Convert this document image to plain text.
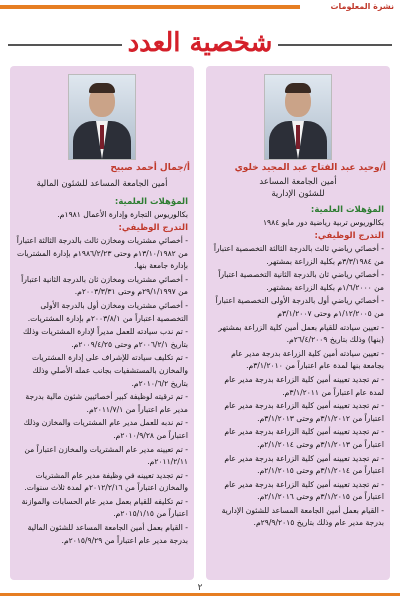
نشرة المعلومات
شخصية العدد
أ/وحيد عبد الفتاح عبد المجيد خلوي
أمين الجامعة المساعد
للشئون الإدارية
المؤهلات العلمية:
بكالوريوس تربية رياضية دور مايو ١٩٨٤
التدرج الوظيفي:

- أخصائي رياضي ثالث بالدرجة الثالثة التخصصية اعتباراً من ٣/٣/١٩٨٤م بكلية الزراعة بمشتهر.

- أخصائي رياضي ثان بالدرجة الثانية التخصصية اعتباراً من ١/٦/٢٠٠٠م بكلية الزراعة بمشتهر.

- أخصائي رياضي أول بالدرجة الأولى التخصصية اعتباراً من ١/١٢/٢٠٠٥م وحتى ٣/١/٢٠٠٧م

- تعيين سيادته للقيام بعمل أمين كلية الزراعة بمشتهر (بنها) وذلك بتاريخ ٢٦/٤/٢٠٠٩م.

- تعيين سيادته أمين كلية الزراعة بدرجة مدير عام بجامعة بنها لمدة عام اعتباراً من ٣/١/٢٠١٠م.

- تم تجديد تعيينه أمين كلية الزراعة بدرجة مدير عام لمدة عام اعتباراً من ٣/١/٢٠١١م.

- تم تجديد تعيينه أمين كلية الزراعة بدرجة مدير عام اعتباراً من ٣/١/٢٠١٢م وحتى ٣/١/٢٠١٣م.

- تم تجديد تعيينه أمين كلية الزراعة بدرجة مدير عام اعتباراً من ٣/١/٢٠١٣م وحتى ٢/١/٢٠١٤م.

- تم تجديد تعيينه أمين كلية الزراعة بدرجة مدير عام اعتباراً من ٣/١/٢٠١٤م وحتى ٢/١/٢٠١٥م.

- تم تجديد تعيينه أمين كلية الزراعة بدرجة مدير عام اعتباراً من ٣/١/٢٠١٥م وحتى ٢/١/٢٠١٦م.

- القيام بعمل أمين الجامعة المساعد للشئون الإدارية بدرجة مدير عام وذلك بتاريخ ٢٩/٩/٢٠١٥م.

أ/جمال أحمد صبيح
أمين الجامعة المساعد للشئون المالية
المؤهلات العلمية:
بكالوريوس التجارة وإدارة الأعمال ١٩٨١م.
التدرج الوظيفي:

- أخصائي مشتريات ومخازن ثالث بالدرجة الثالثة اعتباراً من ١٣/١٠/١٩٨٢م وحتى ١٩٨٦/٢/٢٣م بإدارة المشتريات بإدارة جامعة بنها.

- أخصائي مشتريات ومخازن ثان بالدرجة الثانية اعتباراً من ٢٩/١/١٩٩٧م وحتى ٢٠٠٣/٣/٣١م.

- أخصائي مشتريات ومخازن أول بالدرجة الأولى التخصصية اعتباراً من ٢٠٠٣/٨/١م بإدارة المشتريات.

- تم ندب سيادته للعمل مديراً لإدارة المشتريات وذلك بتاريخ ٢٠٠٦/٢/١م وحتى ٢٠٠٩/٤/٢٥م.

- تم تكليف سيادته للإشراف على إدارة المشتريات والمخازن بالمستشفيات بجانب عمله الأصلي وذلك بتاريخ ٢٠١٠/٦/٢م.

- تم ترقيته لوظيفة كبير أخصائيين شئون مالية بدرجة مدير عام اعتباراً من ٢٠١١/٧/١م.

- تم ندبه للعمل مدير عام المشتريات والمخازن وذلك اعتباراً من ٢٠١٠/٩/٢٨م.

- تم تعيينه مدير عام المشتريات والمخازن اعتباراً من ٢٠١١/٢/١١م.

- تم تجديد تعيينه في وظيفة مدير عام المشتريات والمخازن اعتباراً من ٢٠١٢/٢/١٦م لمدة ثلاث سنوات.

- تم تكليفه للقيام بعمل مدير عام الحسابات والموازنة اعتباراً من ٢٠١٥/١/١٥م.

- القيام بعمل أمين الجامعة المساعد للشئون المالية بدرجة مدير عام اعتباراً من ٢٠١٥/٩/٢٩م.

٢
